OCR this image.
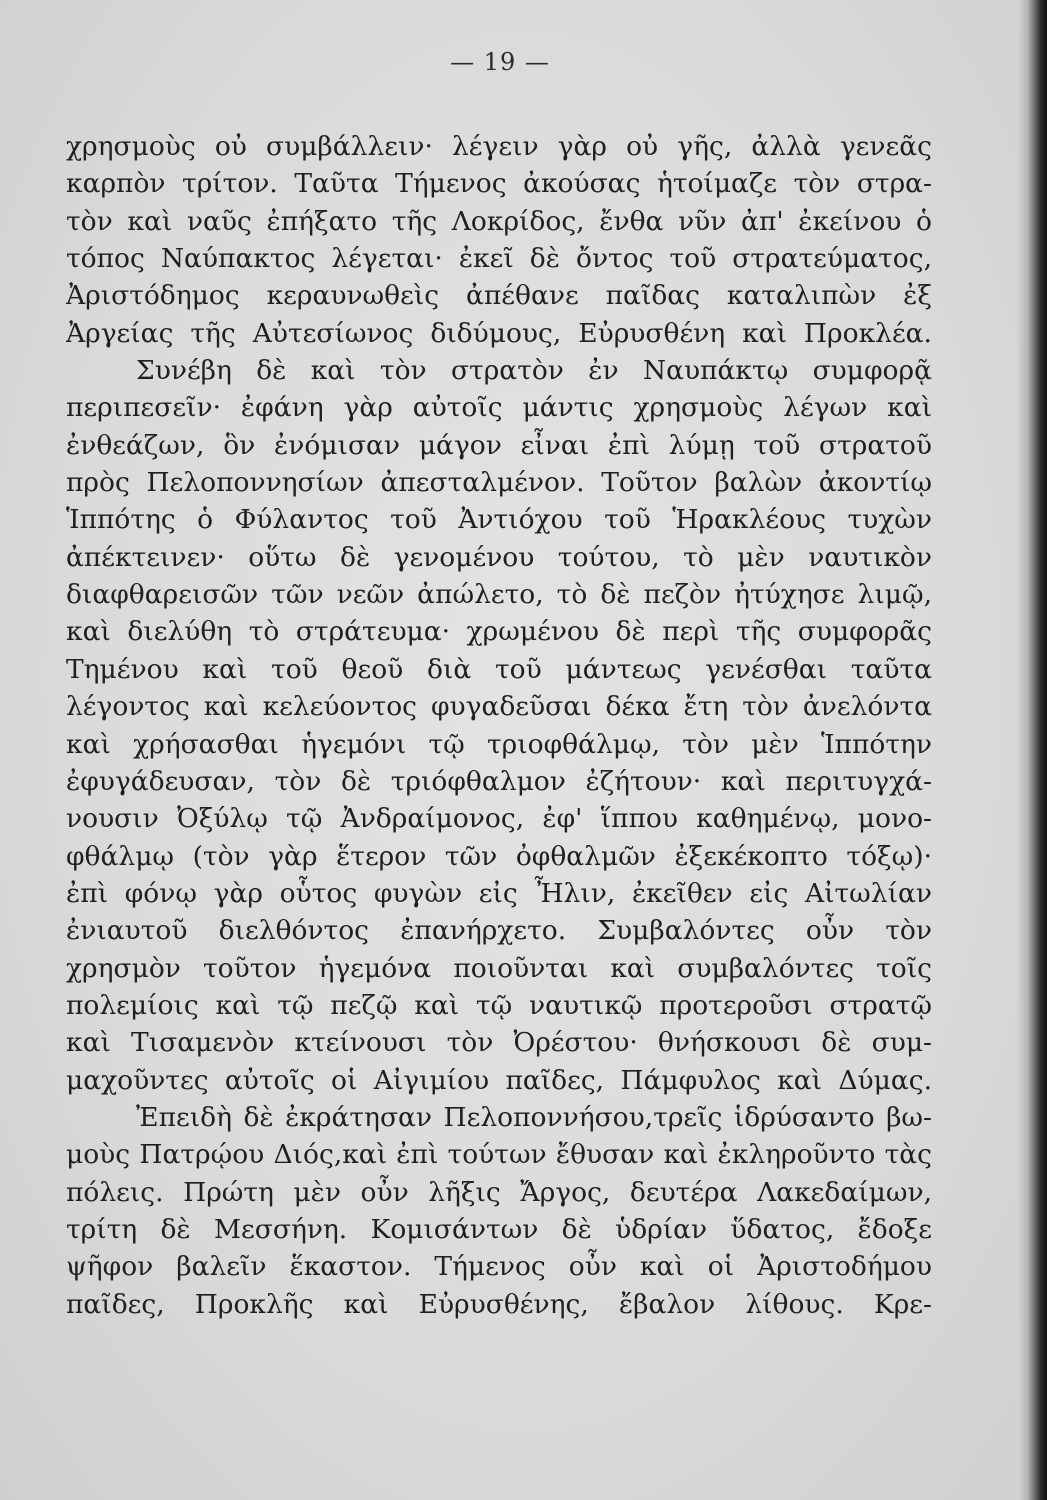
— 19 —
χρησμοὺς οὐ συμβάλλειν· λέγειν γὰρ οὐ γῆς, ἀλλὰ γενεᾶς
καρπὸν τρίτον. Ταῦτα Τήμενος ἀκούσας ἡτοίμαζε τὸν στρα-
τὸν καὶ ναῦς ἐπήξατο τῆς Λοκρίδος, ἔνθα νῦν ἀπ' ἐκείνου ὁ
τόπος Ναύπακτος λέγεται· ἐκεῖ δὲ ὄντος τοῦ στρατεύματος,
Ἀριστόδημος κεραυνωθεὶς ἀπέθανε παῖδας καταλιπὼν ἐξ
Ἀργείας τῆς Αὐτεσίωνος διδύμους, Εὐρυσθένη καὶ Προκλέα.
Συνέβη δὲ καὶ τὸν στρατὸν ἐν Ναυπάκτῳ συμφορᾷ
περιπεσεῖν· ἐφάνη γὰρ αὐτοῖς μάντις χρησμοὺς λέγων καὶ
ἐνθεάζων, ὃν ἐνόμισαν μάγον εἶναι ἐπὶ λύμῃ τοῦ στρατοῦ
πρὸς Πελοποννησίων ἀπεσταλμένον. Τοῦτον βαλὼν ἀκοντίῳ
Ἱππότης ὁ Φύλαντος τοῦ Ἀντιόχου τοῦ Ἡρακλέους τυχὼν
ἀπέκτεινεν· οὕτω δὲ γενομένου τούτου, τὸ μὲν ναυτικὸν
διαφθαρεισῶν τῶν νεῶν ἀπώλετο, τὸ δὲ πεζὸν ἠτύχησε λιμῷ,
καὶ διελύθη τὸ στράτευμα· χρωμένου δὲ περὶ τῆς συμφορᾶς
Τημένου καὶ τοῦ θεοῦ διὰ τοῦ μάντεως γενέσθαι ταῦτα
λέγοντος καὶ κελεύοντος φυγαδεῦσαι δέκα ἔτη τὸν ἀνελόντα
καὶ χρήσασθαι ἡγεμόνι τῷ τριοφθάλμῳ, τὸν μὲν Ἱππότην
ἐφυγάδευσαν, τὸν δὲ τριόφθαλμον ἐζήτουν· καὶ περιτυγχά-
νουσιν Ὀξύλῳ τῷ Ἀνδραίμονος, ἐφ' ἵππου καθημένῳ, μονο-
φθάλμῳ (τὸν γὰρ ἕτερον τῶν ὀφθαλμῶν ἐξεκέκοπτο τόξῳ)·
ἐπὶ φόνῳ γὰρ οὗτος φυγὼν εἰς Ἦλιν, ἐκεῖθεν εἰς Αἰτωλίαν
ἐνιαυτοῦ διελθόντος ἐπανήρχετο. Συμβαλόντες οὖν τὸν
χρησμὸν τοῦτον ἡγεμόνα ποιοῦνται καὶ συμβαλόντες τοῖς
πολεμίοις καὶ τῷ πεζῷ καὶ τῷ ναυτικῷ προτεροῦσι στρατῷ
καὶ Τισαμενὸν κτείνουσι τὸν Ὀρέστου· θνήσκουσι δὲ συμ-
μαχοῦντες αὐτοῖς οἱ Αἰγιμίου παῖδες, Πάμφυλος καὶ Δύμας.
Ἐπειδὴ δὲ ἐκράτησαν Πελοποννήσου,τρεῖς ἱδρύσαντο βω-
μοὺς Πατρῴου Διός,καὶ ἐπὶ τούτων ἔθυσαν καὶ ἐκληροῦντο τὰς
πόλεις. Πρώτη μὲν οὖν λῆξις Ἄργος, δευτέρα Λακεδαίμων,
τρίτη δὲ Μεσσήνη. Κομισάντων δὲ ὑδρίαν ὕδατος, ἔδοξε
ψῆφον βαλεῖν ἕκαστον. Τήμενος οὖν καὶ οἱ Ἀριστοδήμου
παῖδες, Προκλῆς καὶ Εὐρυσθένης, ἔβαλον λίθους. Κρε-
